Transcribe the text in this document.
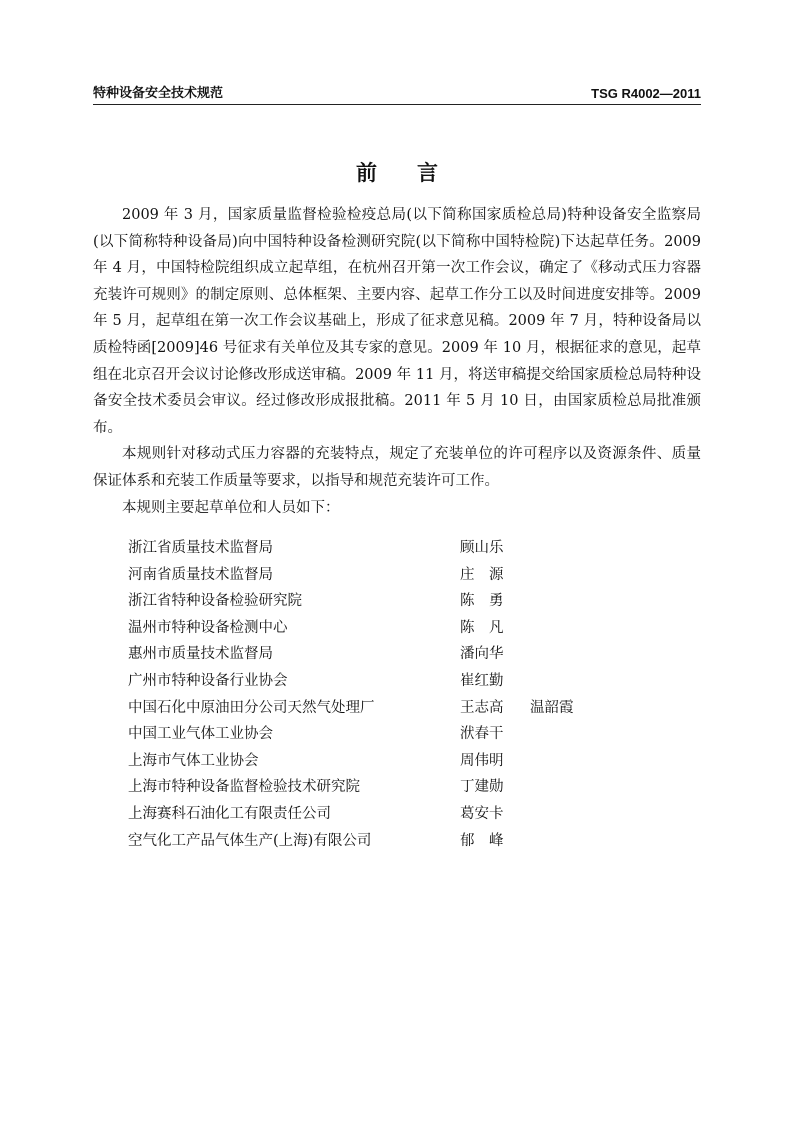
特种设备安全技术规范	TSG R4002—2011
前言

2009 年 3 月，国家质量监督检验检疫总局(以下简称国家质检总局)特种设备安全监察局(以下简称特种设备局)向中国特种设备检测研究院(以下简称中国特检院)下达起草任务。2009 年 4 月，中国特检院组织成立起草组，在杭州召开第一次工作会议，确定了《移动式压力容器充装许可规则》的制定原则、总体框架、主要内容、起草工作分工以及时间进度安排等。2009 年 5 月，起草组在第一次工作会议基础上，形成了征求意见稿。2009 年 7 月，特种设备局以质检特函[2009]46 号征求有关单位及其专家的意见。2009 年 10 月，根据征求的意见，起草组在北京召开会议讨论修改形成送审稿。2009 年 11 月，将送审稿提交给国家质检总局特种设备安全技术委员会审议。经过修改形成报批稿。2011 年 5 月 10 日，由国家质检总局批准颁布。

本规则针对移动式压力容器的充装特点，规定了充装单位的许可程序以及资源条件、质量保证体系和充装工作质量等要求，以指导和规范充装许可工作。

本规则主要起草单位和人员如下：

浙江省质量技术监督局	顾山乐
河南省质量技术监督局	庄　源
浙江省特种设备检验研究院	陈　勇
温州市特种设备检测中心	陈　凡
惠州市质量技术监督局	潘向华
广州市特种设备行业协会	崔红勤
中国石化中原油田分公司天然气处理厂	王志高 温韶霞
中国工业气体工业协会	洑春干
上海市气体工业协会	周伟明
上海市特种设备监督检验技术研究院	丁建勋
上海赛科石油化工有限责任公司	葛安卡
空气化工产品气体生产(上海)有限公司	郁　峰
